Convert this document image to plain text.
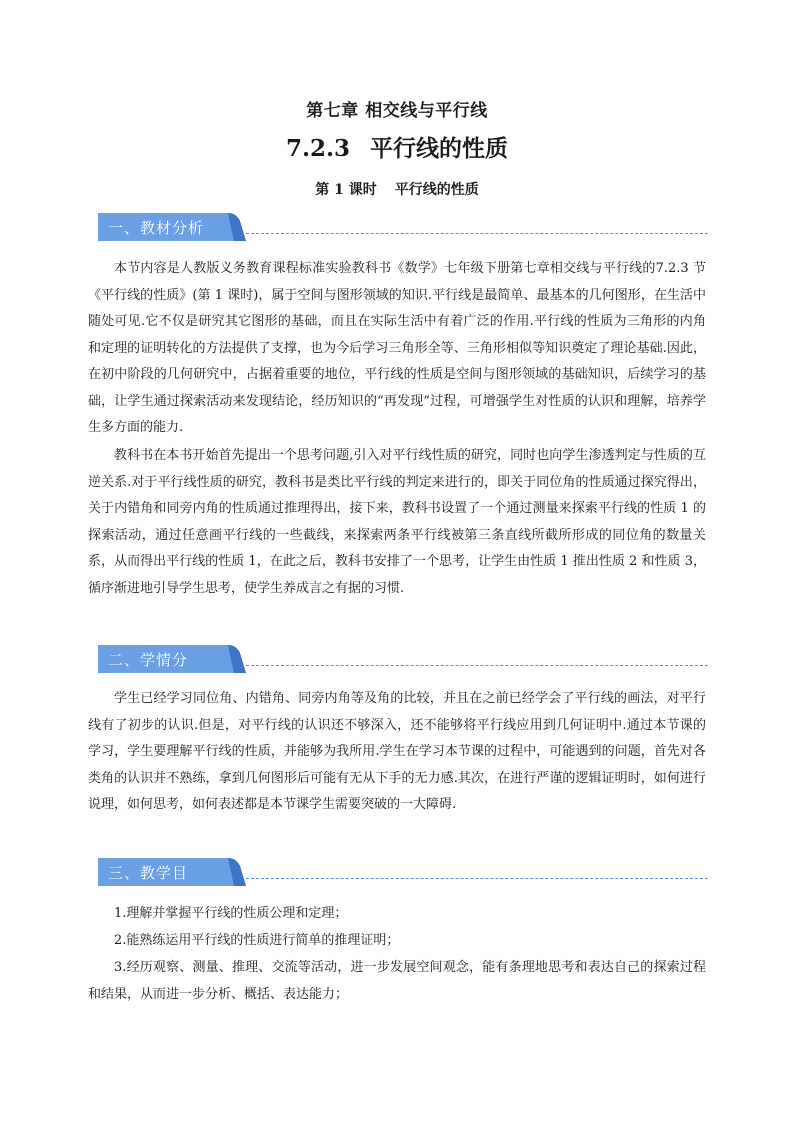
第七章 相交线与平行线
7.2.3 平行线的性质
第 1 课时 平行线的性质
一、教材分析

本节内容是人教版义务教育课程标准实验教科书《数学》七年级下册第七章相交线与平行线的7.2.3 节《平行线的性质》(第 1 课时)，属于空间与图形领域的知识.平行线是最简单、最基本的几何图形，在生活中随处可见.它不仅是研究其它图形的基础，而且在实际生活中有着广泛的作用.平行线的性质为三角形的内角和定理的证明转化的方法提供了支撑，也为今后学习三角形全等、三角形相似等知识奠定了理论基础.因此，在初中阶段的几何研究中，占据着重要的地位，平行线的性质是空间与图形领域的基础知识，后续学习的基础，让学生通过探索活动来发现结论，经历知识的“再发现”过程，可增强学生对性质的认识和理解，培养学生多方面的能力.

教科书在本书开始首先提出一个思考问题,引入对平行线性质的研究，同时也向学生渗透判定与性质的互逆关系.对于平行线性质的研究，教科书是类比平行线的判定来进行的，即关于同位角的性质通过探究得出，关于内错角和同旁内角的性质通过推理得出，接下来，教科书设置了一个通过测量来探索平行线的性质 1 的探索活动，通过任意画平行线的一些截线，来探索两条平行线被第三条直线所截所形成的同位角的数量关系，从而得出平行线的性质 1，在此之后，教科书安排了一个思考，让学生由性质 1 推出性质 2 和性质 3，循序渐进地引导学生思考，使学生养成言之有据的习惯.

二、学情分

学生已经学习同位角、内错角、同旁内角等及角的比较，并且在之前已经学会了平行线的画法，对平行线有了初步的认识.但是，对平行线的认识还不够深入，还不能够将平行线应用到几何证明中.通过本节课的学习，学生要理解平行线的性质，并能够为我所用.学生在学习本节课的过程中，可能遇到的问题，首先对各类角的认识并不熟练，拿到几何图形后可能有无从下手的无力感.其次，在进行严谨的逻辑证明时，如何进行说理，如何思考，如何表述都是本节课学生需要突破的一大障碍.

三、教学目

1.理解并掌握平行线的性质公理和定理；

2.能熟练运用平行线的性质进行简单的推理证明；

3.经历观察、测量、推理、交流等活动，进一步发展空间观念，能有条理地思考和表达自己的探索过程和结果，从而进一步分析、概括、表达能力；
